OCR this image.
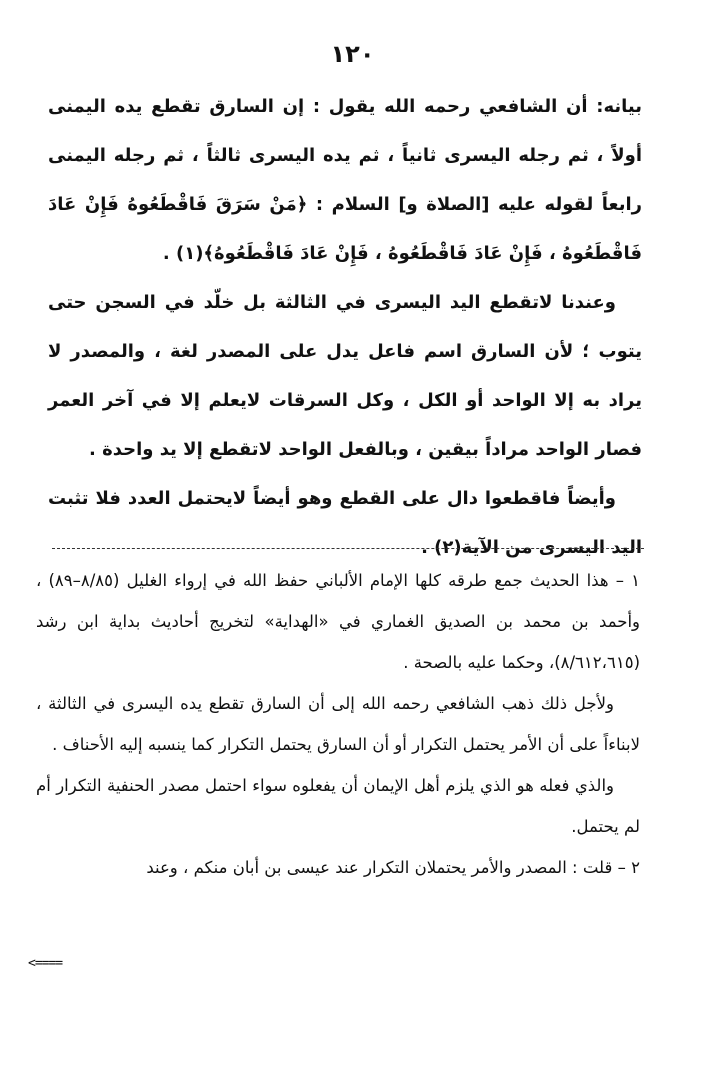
١٢٠

بيانه: أن الشافعي رحمه الله يقول : إن السارق تقطع يده اليمنى أولاً ، ثم رجله اليسرى ثانياً ، ثم يده اليسرى ثالثاً ، ثم رجله اليمنى رابعاً لقوله عليه [الصلاة و] السلام : ﴿مَنْ سَرَقَ فَاقْطَعُوهُ فَإِنْ عَادَ فَاقْطَعُوهُ ، فَإِنْ عَادَ فَاقْطَعُوهُ ، فَإِنْ عَادَ فَاقْطَعُوهُ﴾(١) .

وعندنا لاتقطع اليد اليسرى في الثالثة بل خلّد في السجن حتى يتوب ؛ لأن السارق اسم فاعل يدل على المصدر لغة ، والمصدر لا يراد به إلا الواحد أو الكل ، وكل السرقات لايعلم إلا في آخر العمر فصار الواحد مراداً بيقين ، وبالفعل الواحد لاتقطع إلا يد واحدة .

وأيضاً فاقطعوا دال على القطع وهو أيضاً لايحتمل العدد فلا تثبت اليد اليسرى من الآية(٢) .

١ – هذا الحديث جمع طرقه كلها الإمام الألباني حفظ الله في إرواء الغليل (٨/٨٥–٨٩) ، وأحمد بن محمد بن الصديق الغماري في «الهداية» لتخريج أحاديث بداية ابن رشد (٨/٦١٢،٦١٥)، وحكما عليه بالصحة .

ولأجل ذلك ذهب الشافعي رحمه الله إلى أن السارق تقطع يده اليسرى في الثالثة ، لابناءاً على أن الأمر يحتمل التكرار أو أن السارق يحتمل التكرار كما ينسبه إليه الأحناف .

والذي فعله هو الذي يلزم أهل الإيمان أن يفعلوه سواء احتمل مصدر الحنفية التكرار أم لم يحتمل.

٢ – قلت : المصدر والأمر يحتملان التكرار عند عيسى بن أبان منكم ، وعند

<====
